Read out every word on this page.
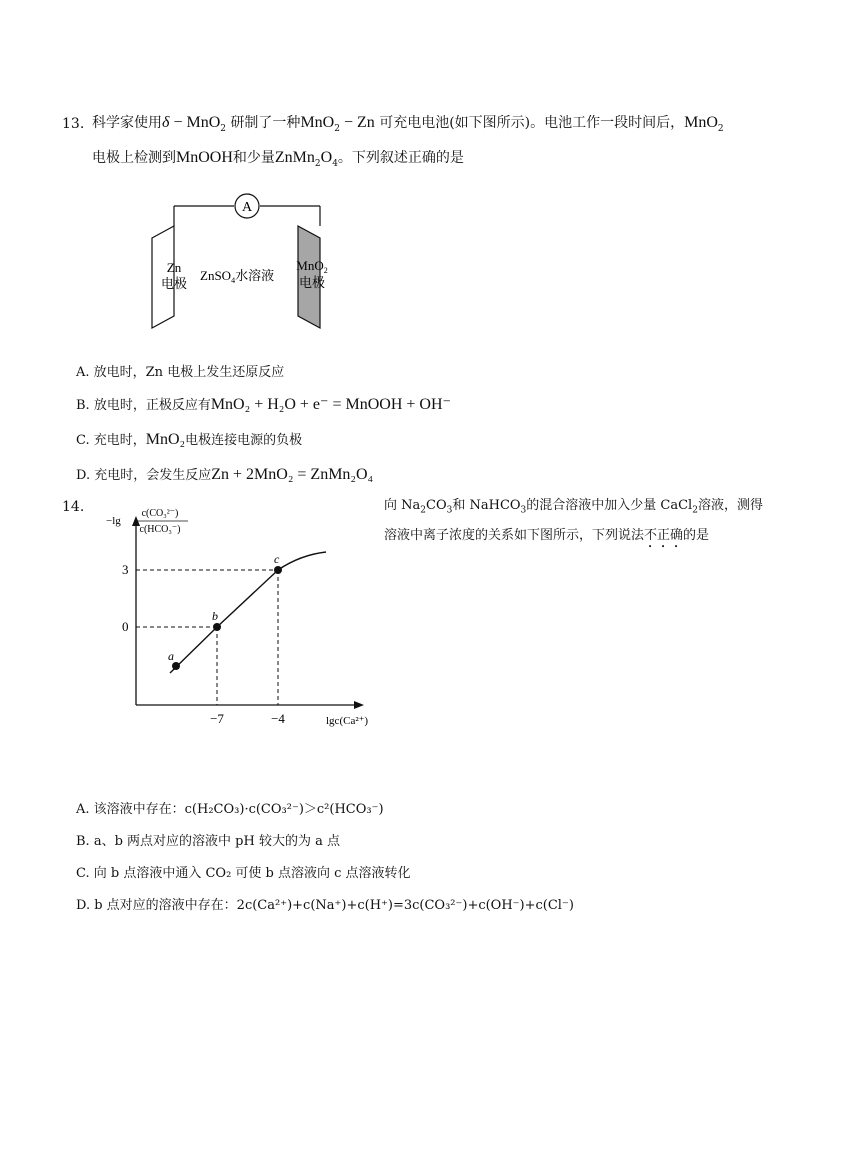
13. 科学家使用δ − MnO$_2$ 研制了一种MnO$_2$ − Zn 可充电电池(如下图所示)。电池工作一段时间后，MnO$_2$
电极上检测到MnOOH和少量$ZnMn_2O_4$。下列叙述正确的是
A
Zn
电极
ZnSO$_4$水溶液
MnO$_2$
电极
A. 放电时，Zn 电极上发生还原反应
B. 放电时，正极反应有MnO₂ + H₂O + e⁻ = MnOOH + OH⁻
C. 充电时，MnO₂电极连接电源的负极
D. 充电时，会发生反应Zn + 2MnO₂ = ZnMn₂O₄
14.	向 $Na_2CO_3$和 NaHCO$_3$的混合溶液中加入少量 CaCl$_2$溶液，测得
溶液中离子浓度的关系如下图所示，下列说法不正确的是
−lg
c(CO₃²⁻)
c(HCO₃⁻)
a
b
c
3
0
−7	−4	lgc(Ca²⁺)
A. 该溶液中存在：c(H₂CO₃)·c(CO₃²⁻)＞c²(HCO₃⁻)
B. a、b 两点对应的溶液中 pH 较大的为 a 点
C. 向 b 点溶液中通入 CO₂ 可使 b 点溶液向 c 点溶液转化
D. b 点对应的溶液中存在：2c(Ca²⁺)+c(Na⁺)+c(H⁺)=3c(CO₃²⁻)+c(OH⁻)+c(Cl⁻)
